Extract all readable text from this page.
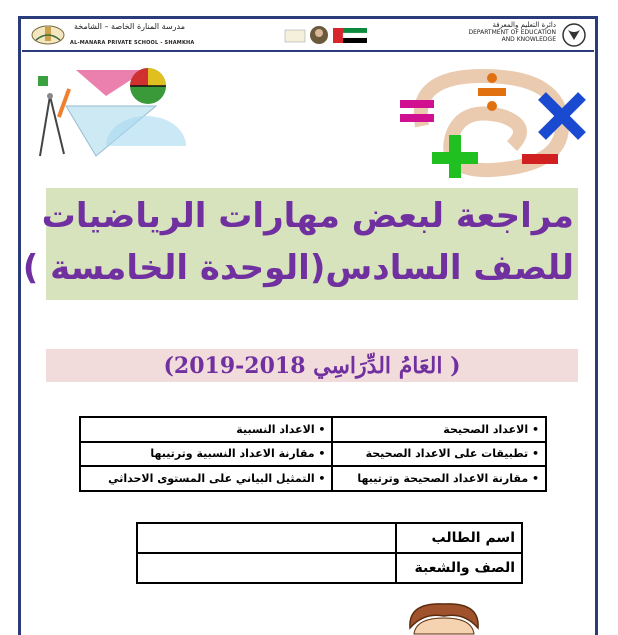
مدرسة المنارة الخاصة – الشامخة
AL-MANARA PRIVATE SCHOOL - SHAMKHA
دائرة التعليم والمعرفة
DEPARTMENT OF EDUCATION
AND KNOWLEDGE
مراجعة لبعض مهارات الرياضيات
للصف السادس(الوحدة الخامسة )
( العَامُ الدِّرَاسِي 2018-2019)
• الاعداد النسبية	• الاعداد الصحيحة
• مقارنة الاعداد النسبية وترتيبها	• تطبيقات على الاعداد الصحيحة
• التمثيل البياني على المستوى الاحداثي	• مقارنة الاعداد الصحيحة وترتيبها
	اسم الطالب
	الصف والشعبة
